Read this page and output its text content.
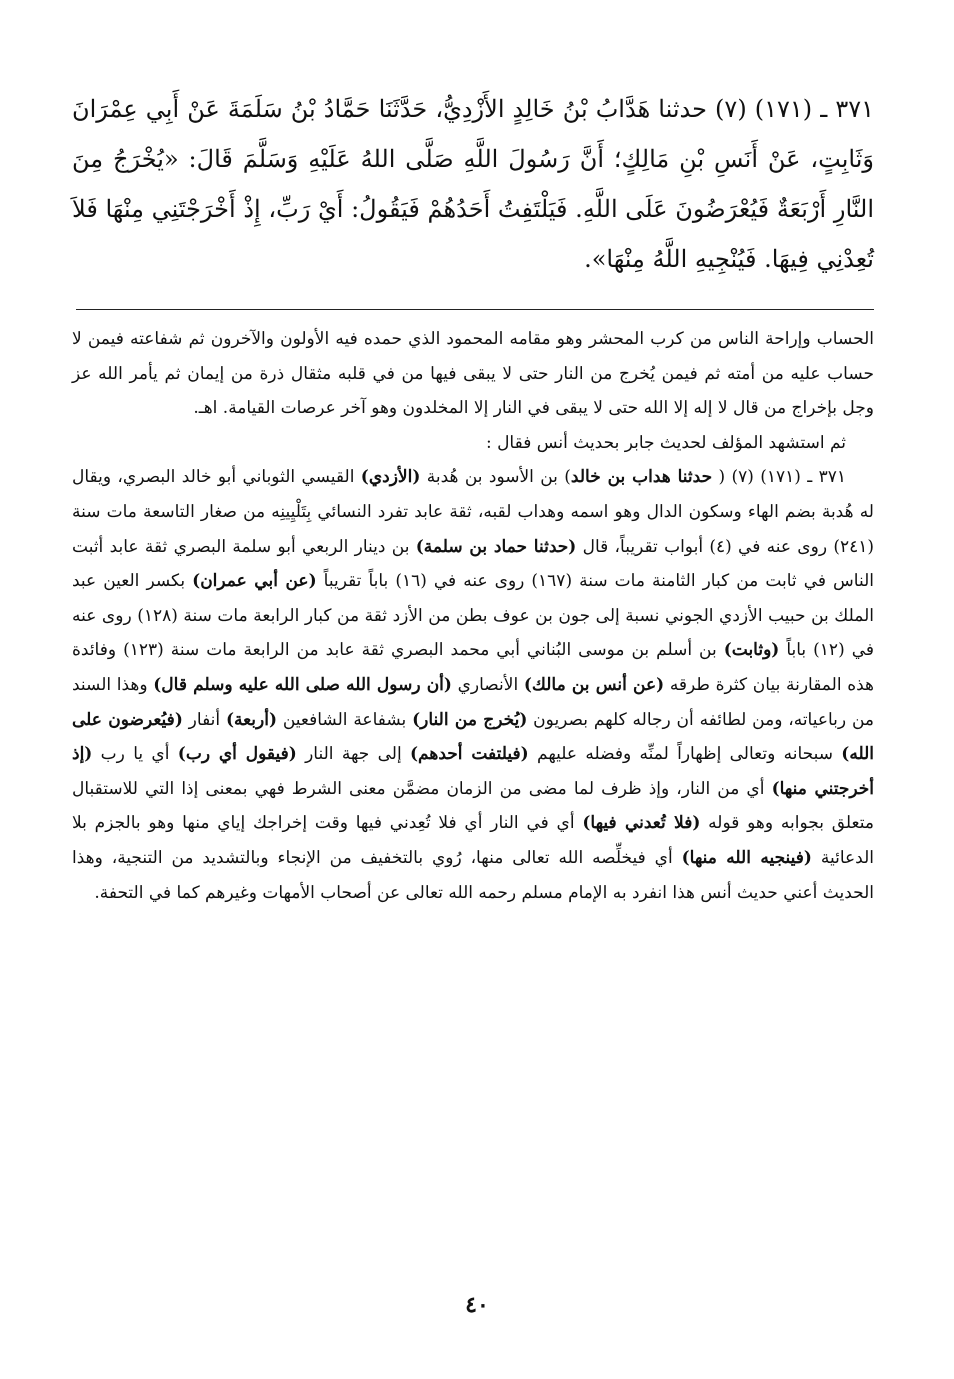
٣٧١ ـ (١٧١) (٧) حدثنا هَدَّابُ بْنُ خَالِدٍ الأَزْدِيُّ، حَدَّثَنَا حَمَّادُ بْنُ سَلَمَةَ عَنْ أَبِي عِمْرَانَ وَثَابِتٍ، عَنْ أَنَسِ بْنِ مَالِكٍ؛ أَنَّ رَسُولَ اللَّهِ صَلَّى اللهُ عَلَيْهِ وَسَلَّمَ قَالَ: «يُخْرَجُ مِنَ النَّارِ أَرْبَعَةٌ فَيُعْرَضُونَ عَلَى اللَّهِ. فَيَلْتَفِتُ أَحَدُهُمْ فَيَقُولُ: أَيْ رَبِّ، إِذْ أَخْرَجْتَنِي مِنْهَا فَلاَ تُعِدْنِي فِيهَا. فَيُنْجِيهِ اللَّهُ مِنْهَا».

الحساب وإراحة الناس من كرب المحشر وهو مقامه المحمود الذي حمده فيه الأولون والآخرون ثم شفاعته فيمن لا حساب عليه من أمته ثم فيمن يُخرج من النار حتى لا يبقى فيها من في قلبه مثقال ذرة من إيمان ثم يأمر الله عز وجل بإخراج من قال لا إله إلا الله حتى لا يبقى في النار إلا المخلدون وهو آخر عرصات القيامة. اهـ.

ثم استشهد المؤلف لحديث جابر بحديث أنس فقال :

٣٧١ ـ (١٧١) (٧) ( حدثنا هداب بن خالد) بن الأسود بن هُدبة (الأزدي) القيسي الثوباني أبو خالد البصري، ويقال له هُدبة بضم الهاء وسكون الدال وهو اسمه وهداب لقبه، ثقة عابد تفرد النسائي بِتَلْيِينِه من صغار التاسعة مات سنة (٢٤١) روى عنه في (٤) أبواب تقريباً، قال (حدثنا حماد بن سلمة) بن دينار الربعي أبو سلمة البصري ثقة عابد أثبت الناس في ثابت من كبار الثامنة مات سنة (١٦٧) روى عنه في (١٦) باباً تقريباً (عن أبي عمران) بكسر العين عبد الملك بن حبيب الأزدي الجوني نسبة إلى جون بن عوف بطن من الأزد ثقة من كبار الرابعة مات سنة (١٢٨) روى عنه في (١٢) باباً (وثابت) بن أسلم بن موسى البُناني أبي محمد البصري ثقة عابد من الرابعة مات سنة (١٢٣) وفائدة هذه المقارنة بيان كثرة طرقه (عن أنس بن مالك) الأنصاري (أن رسول الله صلى الله عليه وسلم قال) وهذا السند من رباعياته، ومن لطائفه أن رجاله كلهم بصريون (يُخرج من النار) بشفاعة الشافعين (أربعة) أنفار (فيُعرضون على الله) سبحانه وتعالى إظهاراً لمنِّه وفضله عليهم (فيلتفت أحدهم) إلى جهة النار (فيقول أي رب) أي يا رب (إذ أخرجتني منها) أي من النار، وإذ ظرف لما مضى من الزمان مضمَّن معنى الشرط فهي بمعنى إذا التي للاستقبال متعلق بجوابه وهو قوله (فلا تُعدني فيها) أي في النار أي فلا تُعِدني فيها وقت إخراجك إياي منها وهو بالجزم بلا الدعائية (فينجيه الله منها) أي فيخلِّصه الله تعالى منها، رُوي بالتخفيف من الإنجاء وبالتشديد من التنجية، وهذا الحديث أعني حديث أنس هذا انفرد به الإمام مسلم رحمه الله تعالى عن أصحاب الأمهات وغيرهم كما في التحفة.

٤٠
